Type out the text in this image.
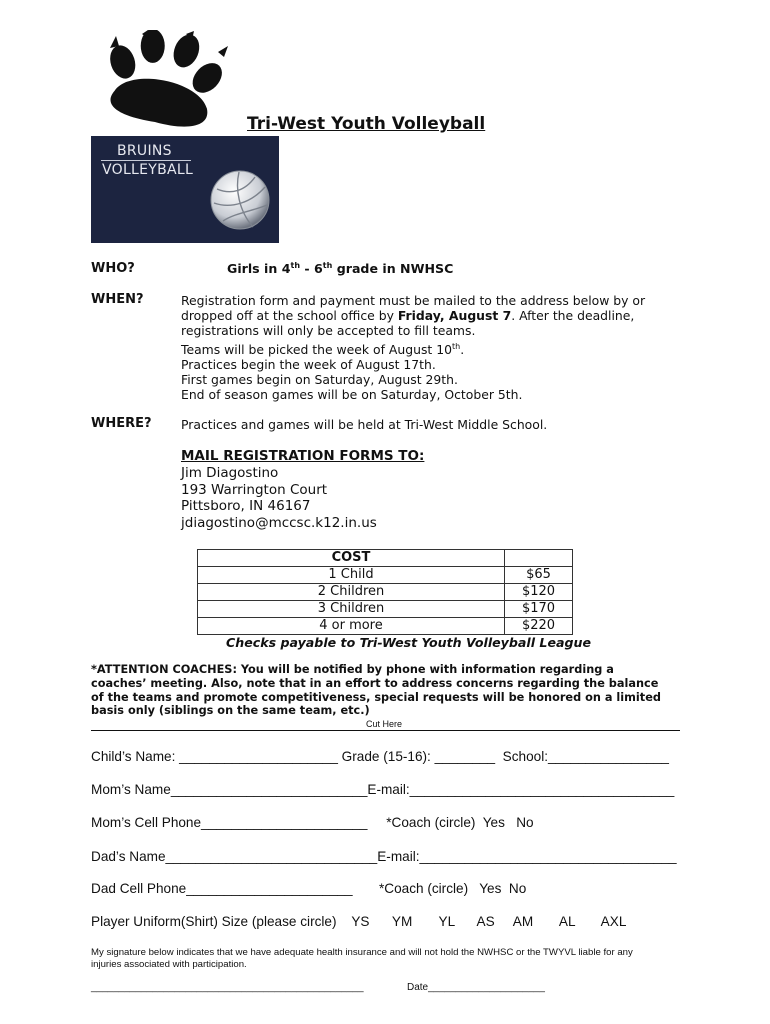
Tri-West Youth Volleyball
BRUINS
VOLLEYBALL
WHO?	Girls in 4th - 6th grade in NWHSC
WHEN?	Registration form and payment must be mailed to the address below by or
dropped off at the school office by Friday, August 7. After the deadline,
registrations will only be accepted to fill teams.
Teams will be picked the week of August 10th.
Practices begin the week of August 17th.
First games begin on Saturday, August 29th.
End of season games will be on Saturday, October 5th.
WHERE? Practices and games will be held at Tri-West Middle School.
MAIL REGISTRATION FORMS TO:
Jim Diagostino
193 Warrington Court
Pittsboro, IN 46167
jdiagostino@mccsc.k12.in.us
COST	
1 Child	$65
2 Children	$120
3 Children	$170
4 or more	$220
Checks payable to Tri-West Youth Volleyball League
*ATTENTION COACHES: You will be notified by phone with information regarding a
coaches’ meeting. Also, note that in an effort to address concerns regarding the balance
of the teams and promote competitiveness, special requests will be honored on a limited
basis only (siblings on the same team, etc.)
Cut Here
Child’s Name: _____________________ Grade (15-16): ________  School:________________
Mom’s Name__________________________E-mail:___________________________________
Mom’s Cell Phone______________________     *Coach (circle)  Yes   No
Dad’s Name____________________________E-mail:__________________________________
Dad Cell Phone______________________       *Coach (circle)   Yes  No
Player Uniform(Shirt) Size (please circle)    YS      YM       YL      AS     AM       AL       AXL
My signature below indicates that we have adequate health insurance and will not hold the NWHSC or the TWYVL liable for any
injuries associated with participation.
_________________________________________________	Date_____________________
